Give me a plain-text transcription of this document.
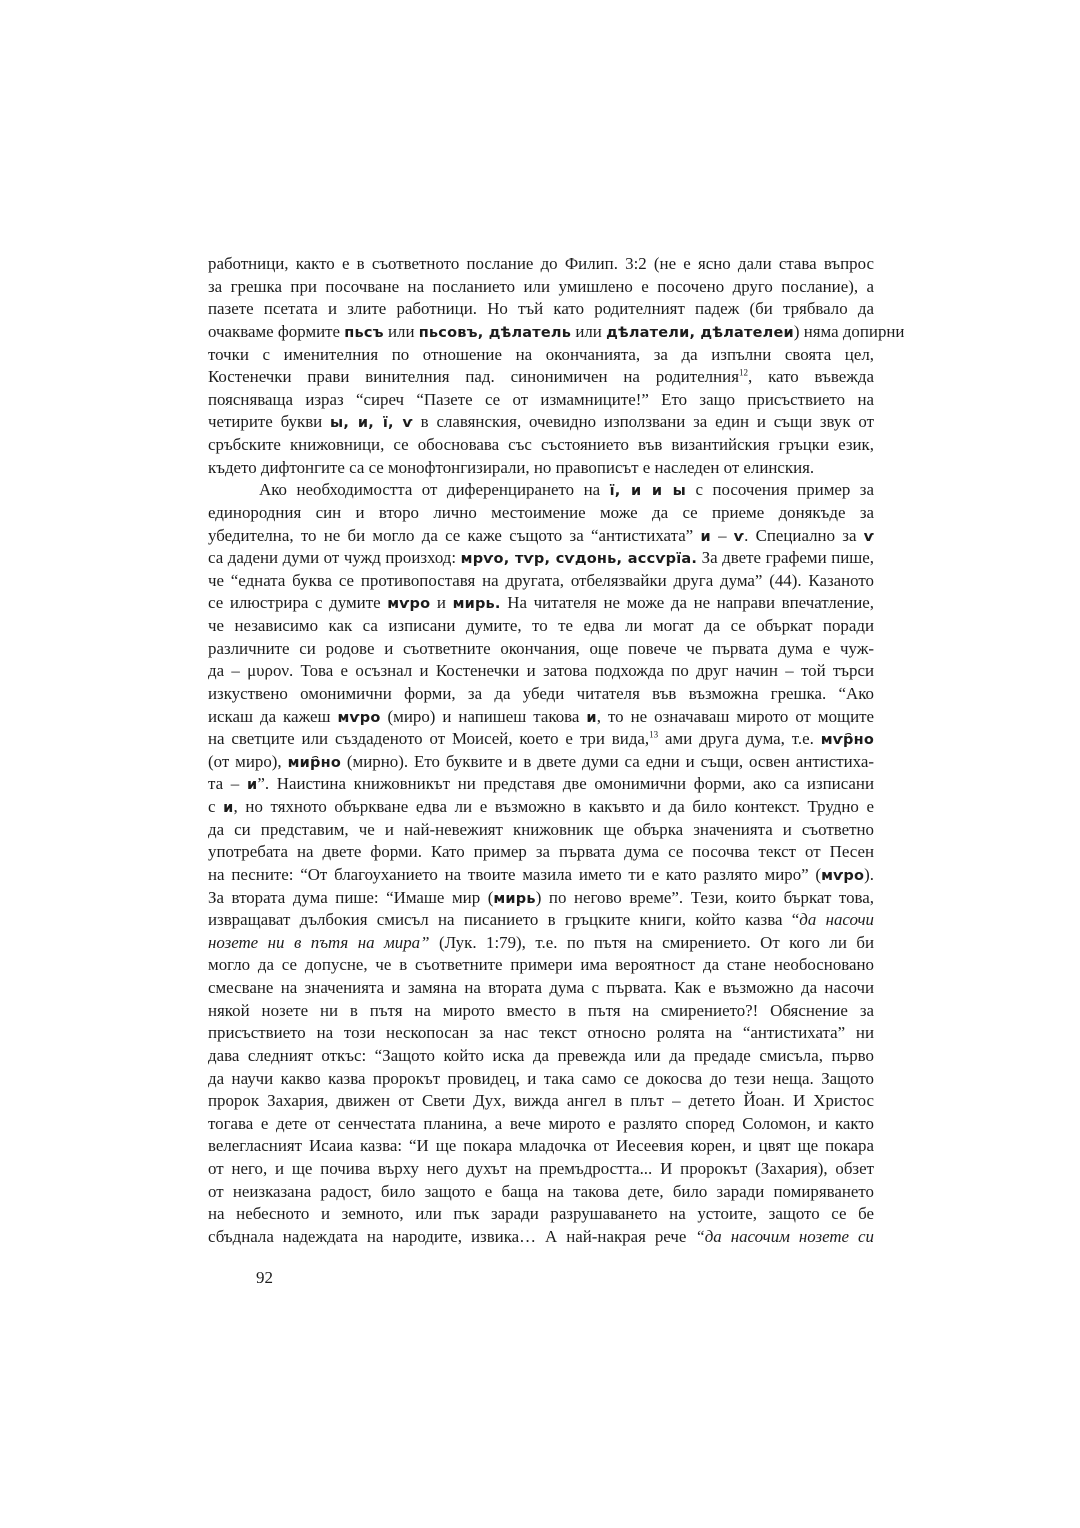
работници, както е в съответното послание до Филип. 3:2 (не е ясно дали става въпрос
за грешка при посочване на посланието или умишлено е посочено друго послание), а
пазете псетата и злите работници. Но тъй като родителният падеж (би трябвало да
очакваме формите пьсъ или пьсовъ, дѣлатель или дѣлатели, дѣлателеи) няма допирни
точки с именителния по отношение на окончанията, за да изпълни своята цел,
Костенечки прави винителния пад. синонимичен на родителния$^{12}$, като въвежда
поясняваща израз “сиреч “Пазете се от измамниците!” Ето защо присъствието на
четирите букви ы, и, ї, ѵ в славянския, очевидно използвани за един и същи звук от
сръбските книжовници, се обосновава със състоянието във византийския гръцки език,
където дифтонгите са се монофтонгизирали, но правописът е наследен от елинския.
Ако необходимостта от диференцирането на ї, и и ы с посочения пример за
единородния син и второ лично местоимение може да се приеме донякъде за
убедителна, то не би могло да се каже същото за “антистихата” и – ѵ. Специално за ѵ
са дадени думи от чужд произход: мрѵо, тѵр, сѵдонь, ассѵрїа. За двете графеми пише,
че “едната буква се противопоставя на другата, отбелязвайки друга дума” (44). Казаното
се илюстрира с думите мѵро и мирь. На читателя не може да не направи впечатление,
че независимо как са изписани думите, то те едва ли могат да се объркат поради
различните си родове и съответните окончания, още повече че първата дума е чуж-
да – μυρον. Това е осъзнал и Костенечки и затова подхожда по друг начин – той търси
изкуствено омонимични форми, за да убеди читателя във възможна грешка. “Ако
искаш да кажеш мѵро (миро) и напишеш такова и, то не означаваш мирото от мощите
на светците или създаденото от Моисей, което е три вида,$^{13}$ ами друга дума, т.е. мѵр҄но
(от миро), мир҄но (мирно). Ето буквите и в двете думи са едни и същи, освен антистиха-
та – и”. Наистина книжовникът ни представя две омонимични форми, ако са изписани
с и, но тяхното объркване едва ли е възможно в какъвто и да било контекст. Трудно е
да си представим, че и най-невежият книжовник ще обърка значенията и съответно
употребата на двете форми. Като пример за първата дума се посочва текст от Песен
на песните: “От благоуханието на твоите мазила името ти е като разлято миро” (мѵро).
За втората дума пише: “Имаше мир (мирь) по негово време”. Тези, които бъркат това,
извращават дълбокия смисъл на писанието в гръцките книги, който казва “да насочи
нозете ни в пътя на мира” (Лук. 1:79), т.е. по пътя на смирението. От кого ли би
могло да се допусне, че в съответните примери има вероятност да стане необосновано
смесване на значенията и замяна на втората дума с първата. Как е възможно да насочи
някой нозете ни в пътя на мирото вместо в пътя на смирението?! Обяснение за
присъствието на този нескопосан за нас текст относно ролята на “антистихата” ни
дава следният откъс: “Защото който иска да превежда или да предаде смисъла, първо
да научи какво казва пророкът провидец, и така само се докосва до тези неща. Защото
пророк Захария, движен от Свети Дух, вижда ангел в плът – детето Йоан. И Христос
тогава е дете от сенчестата планина, а вече мирото е разлято според Соломон, и както
велегласният Исаиа казва: “И ще покара младочка от Иесеевия корен, и цвят ще покара
от него, и ще почива върху него духът на премъдростта... И пророкът (Захария), обзет
от неизказана радост, било защото е баща на такова дете, било заради помиряването
на небесното и земното, или пък заради разрушаването на устоите, защото се бе
сбъднала надеждата на народите, извика… А най-накрая рече “да насочим нозете си
92
